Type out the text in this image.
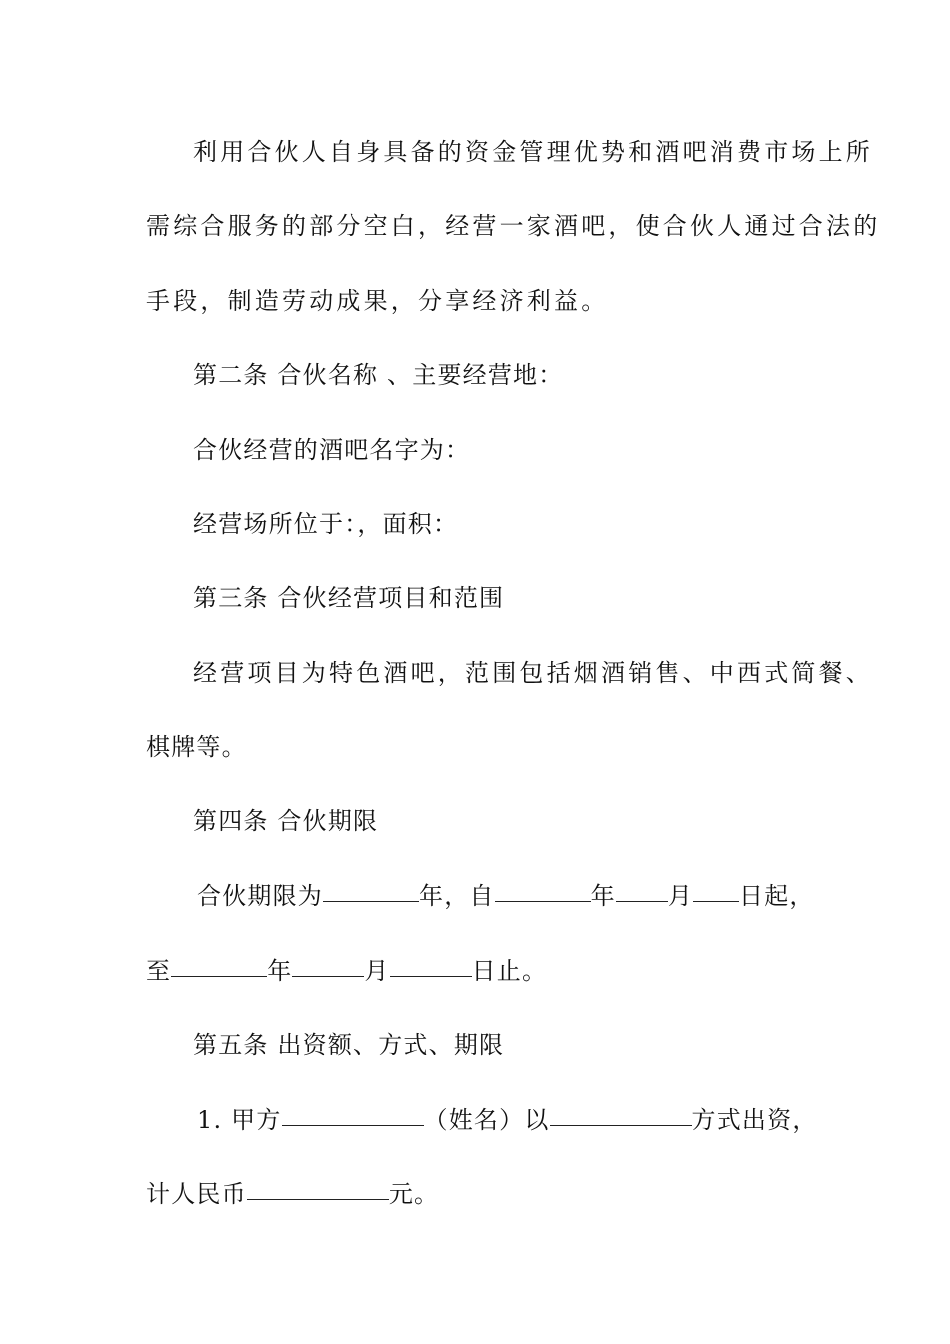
利用合伙人自身具备的资金管理优势和酒吧消费市场上所
需综合服务的部分空白，经营一家酒吧，使合伙人通过合法的
手段，制造劳动成果，分享经济利益。
第二条 合伙名称 、主要经营地：
合伙经营的酒吧名字为：
经营场所位于：，面积：
第三条 合伙经营项目和范围
经营项目为特色酒吧，范围包括烟酒销售、中西式简餐、
棋牌等。
第四条 合伙期限
合伙期限为	年，自	年 月 日起，
至	年	月	日止。
第五条 出资额、方式、期限
1. 甲方	（姓名）以	方式出资，
计人民币	元。
